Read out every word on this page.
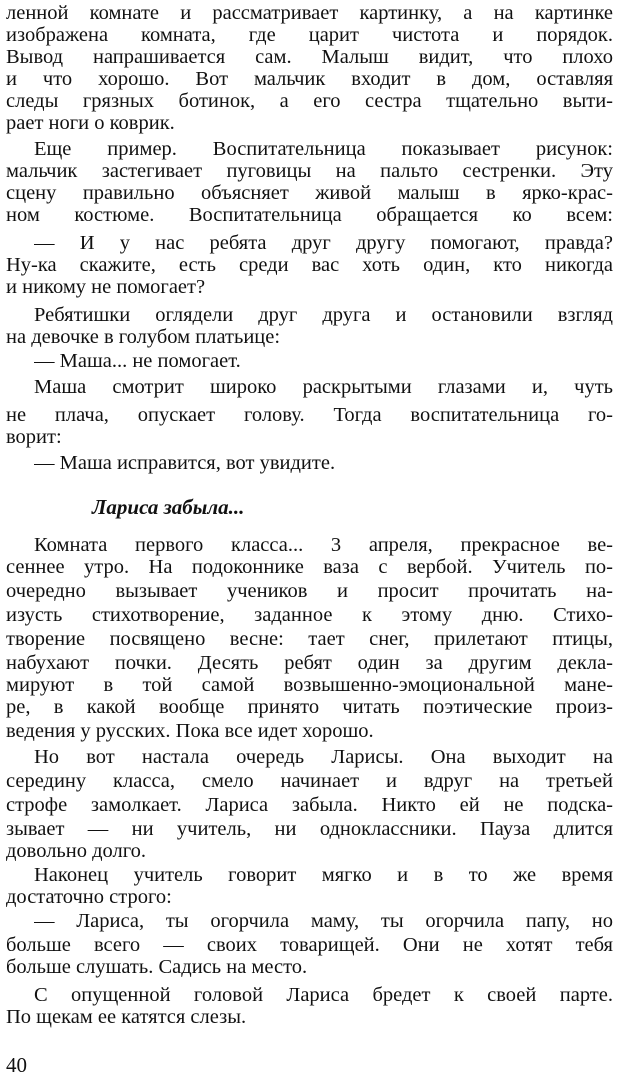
ленной комнате и рассматривает картинку, а на картинке
изображена комната, где царит чистота и порядок.
Вывод напрашивается сам. Малыш видит, что плохо
и что хорошо. Вот мальчик входит в дом, оставляя
следы грязных ботинок, а его сестра тщательно выти-
рает ноги о коврик.
Еще пример. Воспитательница показывает рисунок:
мальчик застегивает пуговицы на пальто сестренки. Эту
сцену правильно объясняет живой малыш в ярко-крас-
ном костюме. Воспитательница обращается ко всем:
— И у нас ребята друг другу помогают, правда?
Ну-ка скажите, есть среди вас хоть один, кто никогда
и никому не помогает?
Ребятишки оглядели друг друга и остановили взгляд
на девочке в голубом платьице:
— Маша... не помогает.
Маша смотрит широко раскрытыми глазами и, чуть
не плача, опускает голову. Тогда воспитательница го-
ворит:
— Маша исправится, вот увидите.
Лариса забыла...
Комната первого класса... 3 апреля, прекрасное ве-
сеннее утро. На подоконнике ваза с вербой. Учитель по-
очередно вызывает учеников и просит прочитать на-
изусть стихотворение, заданное к этому дню. Стихо-
творение посвящено весне: тает снег, прилетают птицы,
набухают почки. Десять ребят один за другим декла-
мируют в той самой возвышенно-эмоциональной мане-
ре, в какой вообще принято читать поэтические произ-
ведения у русских. Пока все идет хорошо.
Но вот настала очередь Ларисы. Она выходит на
середину класса, смело начинает и вдруг на третьей
строфе замолкает. Лариса забыла. Никто ей не подска-
зывает — ни учитель, ни одноклассники. Пауза длится
довольно долго.
Наконец учитель говорит мягко и в то же время
достаточно строго:
— Лариса, ты огорчила маму, ты огорчила папу, но
больше всего — своих товарищей. Они не хотят тебя
больше слушать. Садись на место.
С опущенной головой Лариса бредет к своей парте.
По щекам ее катятся слезы.
40
